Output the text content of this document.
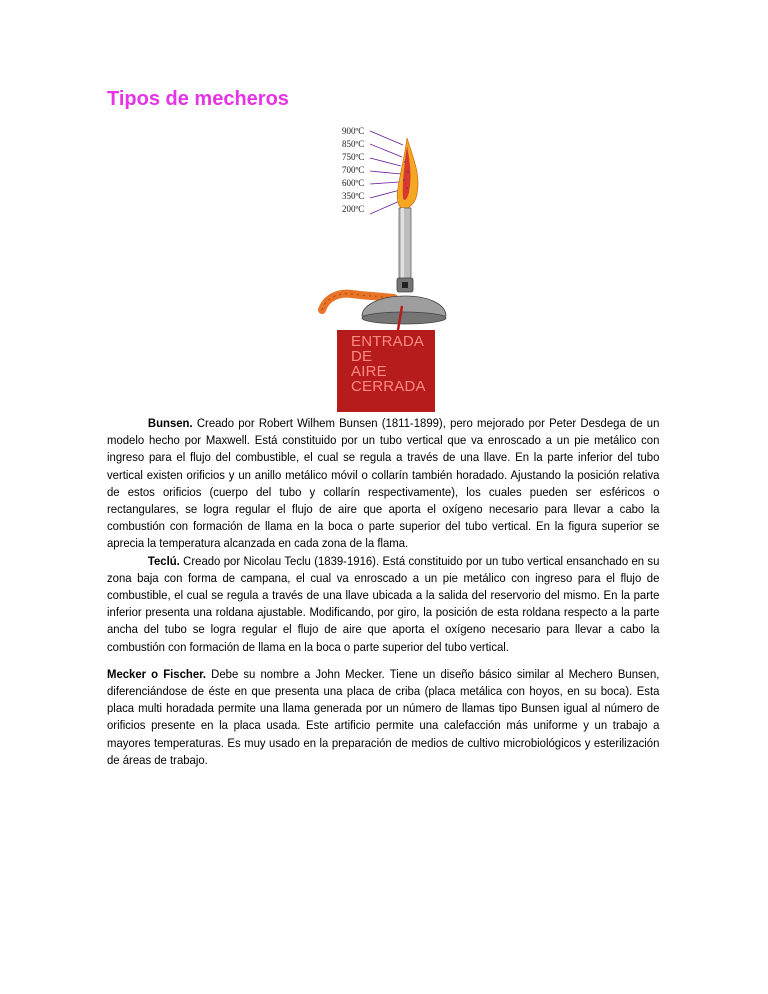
Tipos de mecheros
900ºC
850ºC
750ºC
700ºC
600ºC
350ºC
200ºC
ENTRADA
DE
AIRE
CERRADA

Bunsen. Creado por Robert Wilhem Bunsen (1811-1899), pero mejorado por Peter Desdega de un modelo hecho por Maxwell. Está constituido por un tubo vertical que va enroscado a un pie metálico con ingreso para el flujo del combustible, el cual se regula a través de una llave. En la parte inferior del tubo vertical existen orificios y un anillo metálico móvil o collarín también horadado. Ajustando la posición relativa de estos orificios (cuerpo del tubo y collarín respectivamente), los cuales pueden ser esféricos o rectangulares, se logra regular el flujo de aire que aporta el oxígeno necesario para llevar a cabo la combustión con formación de llama en la boca o parte superior del tubo vertical. En la figura superior se aprecia la temperatura alcanzada en cada zona de la flama.

Teclú. Creado por Nicolau Teclu (1839-1916). Está constituido por un tubo vertical ensanchado en su zona baja con forma de campana, el cual va enroscado a un pie metálico con ingreso para el flujo de combustible, el cual se regula a través de una llave ubicada a la salida del reservorio del mismo. En la parte inferior presenta una roldana ajustable. Modificando, por giro, la posición de esta roldana respecto a la parte ancha del tubo se logra regular el flujo de aire que aporta el oxígeno necesario para llevar a cabo la combustión con formación de llama en la boca o parte superior del tubo vertical.

Mecker o Fischer. Debe su nombre a John Mecker. Tiene un diseño básico similar al Mechero Bunsen, diferenciándose de éste en que presenta una placa de criba (placa metálica con hoyos, en su boca). Esta placa multi horadada permite una llama generada por un número de llamas tipo Bunsen igual al número de orificios presente en la placa usada. Este artificio permite una calefacción más uniforme y un trabajo a mayores temperaturas. Es muy usado en la preparación de medios de cultivo microbiológicos y esterilización de áreas de trabajo.
